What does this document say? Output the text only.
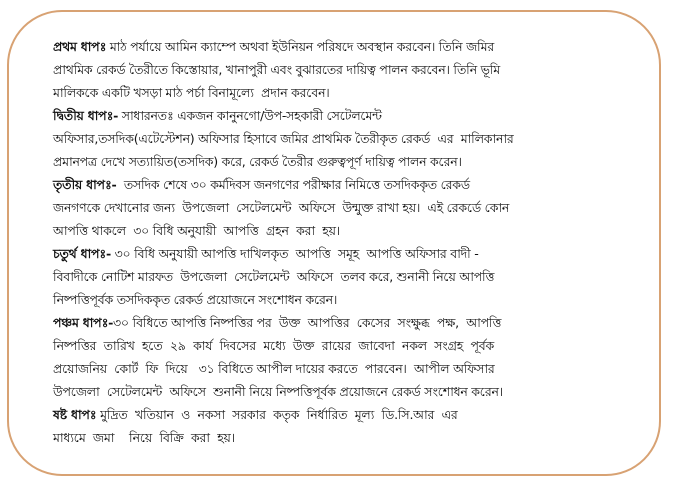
প্রথম ধাপঃ মাঠ পর্যায়ে আমিন ক্যাম্পে অথবা ইউনিয়ন পরিষদে অবস্থান করবেন। তিনি জমির
প্রাথমিক রেকর্ড তৈরীতে কিস্তোয়ার, খানাপুরী এবং বুঝারতের দায়িত্ব পালন করবেন। তিনি ভূমি
মালিককে একটি খসড়া মাঠ পর্চা বিনামূল্যে  প্রদান করবেন।
দ্বিতীয় ধাপঃ- সাধারনতঃ একজন কানুনগো/উপ-সহকারী সেটেলমেন্ট
অফিসার,তসদিক(এটেস্টেশন) অফিসার হিসাবে জমির প্রাথমিক তৈরীকৃত রেকর্ড  এর  মালিকানার
প্রমানপত্র দেখে সত্যায়িত(তসদিক) করে, রেকর্ড তৈরীর গুরুত্বপূর্ণ দায়িত্ব পালন করেন।
তৃতীয় ধাপঃ-  তসদিক শেষে ৩০ কর্মদিবস জনগণের পরীক্ষার নিমিত্তে তসদিককৃত রেকর্ড
জনগণকে দেখানোর জন্য  উপজেলা  সেটেলমেন্ট  অফিসে  উন্মুক্ত রাখা হয়।  এই রেকর্ডে কোন
আপত্তি থাকলে  ৩০ বিধি অনুযায়ী  আপত্তি  গ্রহন  করা  হয়।
চতুর্থ ধাপঃ- ৩০ বিধি অনুযায়ী আপত্তি দাখিলকৃত  আপত্তি  সমূহ  আপত্তি অফিসার বাদী -
বিবাদীকে নোটিশ মারফত  উপজেলা  সেটেলমেন্ট  অফিসে  তলব করে, শুনানী নিয়ে আপত্তি
নিষ্পত্তিপূর্বক তসদিককৃত রেকর্ড প্রয়োজনে সংশোধন করেন।
পঞ্চম ধাপঃ-৩০ বিধিতে আপত্তি নিষ্পত্তির পর  উক্ত  আপত্তির  কেসের  সংক্ষুব্ধ  পক্ষ,  আপত্তি
নিষ্পত্তির  তারিখ  হতে  ২৯  কার্য  দিবসের  মধ্যে  উক্ত  রায়ের  জাবেদা  নকল  সংগ্রহ  পূর্বক
প্রয়োজনিয়  কোর্ট  ফি  দিয়ে   ৩১ বিধিতে আপীল দায়ের করতে  পারবেন।  আপীল অফিসার
উপজেলা  সেটেলমেন্ট  অফিসে  শুনানী নিয়ে নিষ্পত্তিপূর্বক প্রয়োজনে রেকর্ড সংশোধন করেন।
ষষ্ট ধাপঃ মুদ্রিত  খতিয়ান  ও  নকসা  সরকার  কতৃক  নির্ধারিত  মূল্য  ডি.সি.আর  এর
মাধ্যমে  জমা    নিয়ে  বিক্রি  করা  হয়।
